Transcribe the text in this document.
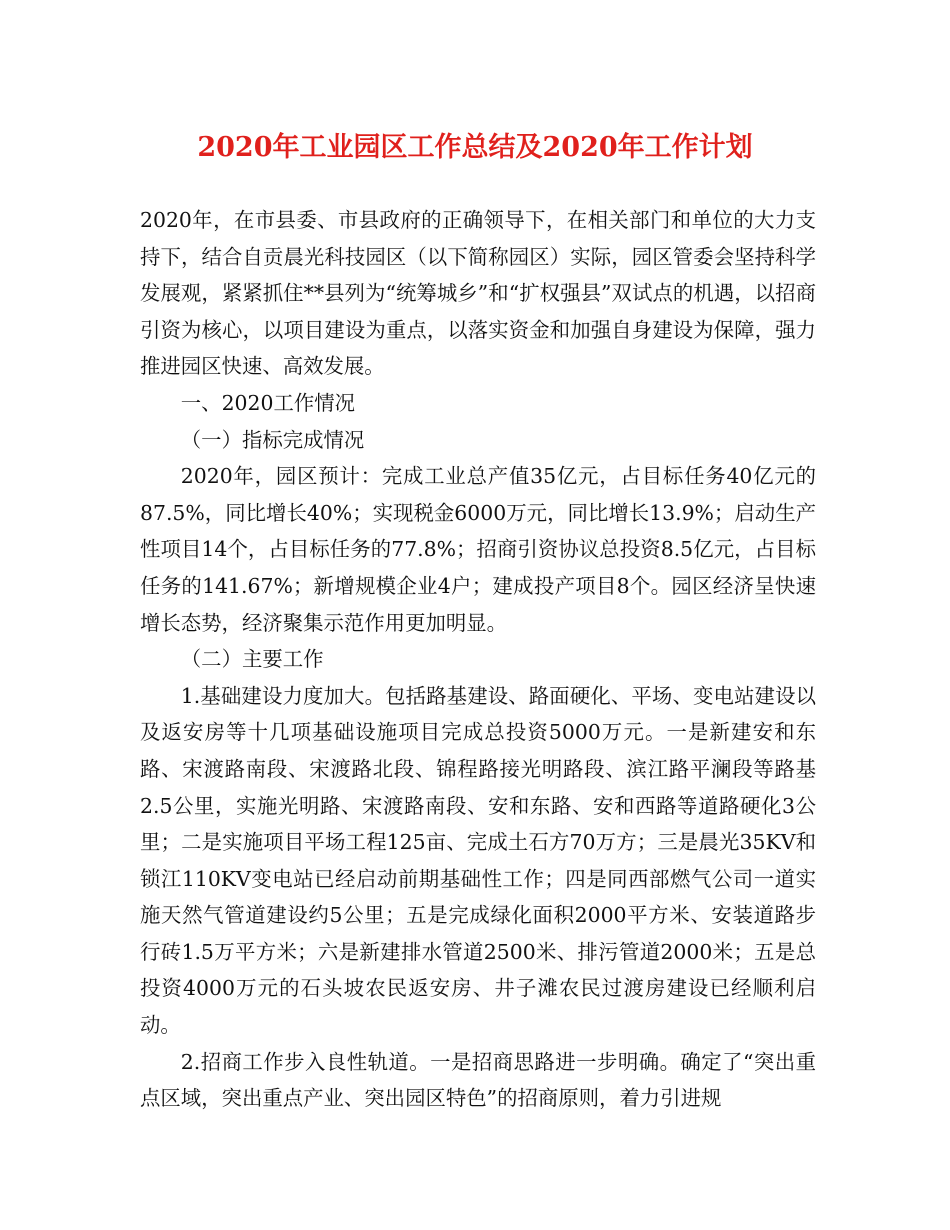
2020年工业园区工作总结及2020年工作计划

2020年，在市县委、市县政府的正确领导下，在相关部门和单位的大力支持下，结合自贡晨光科技园区（以下简称园区）实际，园区管委会坚持科学发展观，紧紧抓住**县列为“统筹城乡”和“扩权强县”双试点的机遇，以招商引资为核心，以项目建设为重点，以落实资金和加强自身建设为保障，强力推进园区快速、高效发展。

一、2020工作情况

（一）指标完成情况

2020年，园区预计：完成工业总产值35亿元，占目标任务40亿元的87.5%，同比增长40%；实现税金6000万元，同比增长13.9%；启动生产性项目14个，占目标任务的77.8%；招商引资协议总投资8.5亿元，占目标任务的141.67%；新增规模企业4户；建成投产项目8个。园区经济呈快速增长态势，经济聚集示范作用更加明显。

（二）主要工作

1.基础建设力度加大。包括路基建设、路面硬化、平场、变电站建设以及返安房等十几项基础设施项目完成总投资5000万元。一是新建安和东路、宋渡路南段、宋渡路北段、锦程路接光明路段、滨江路平澜段等路基2.5公里，实施光明路、宋渡路南段、安和东路、安和西路等道路硬化3公里；二是实施项目平场工程125亩、完成土石方70万方；三是晨光35KV和锁江110KV变电站已经启动前期基础性工作；四是同西部燃气公司一道实施天然气管道建设约5公里；五是完成绿化面积2000平方米、安装道路步行砖1.5万平方米；六是新建排水管道2500米、排污管道2000米；五是总投资4000万元的石头坡农民返安房、井子滩农民过渡房建设已经顺利启动。

2.招商工作步入良性轨道。一是招商思路进一步明确。确定了“突出重点区域，突出重点产业、突出园区特色”的招商原则，着力引进规
